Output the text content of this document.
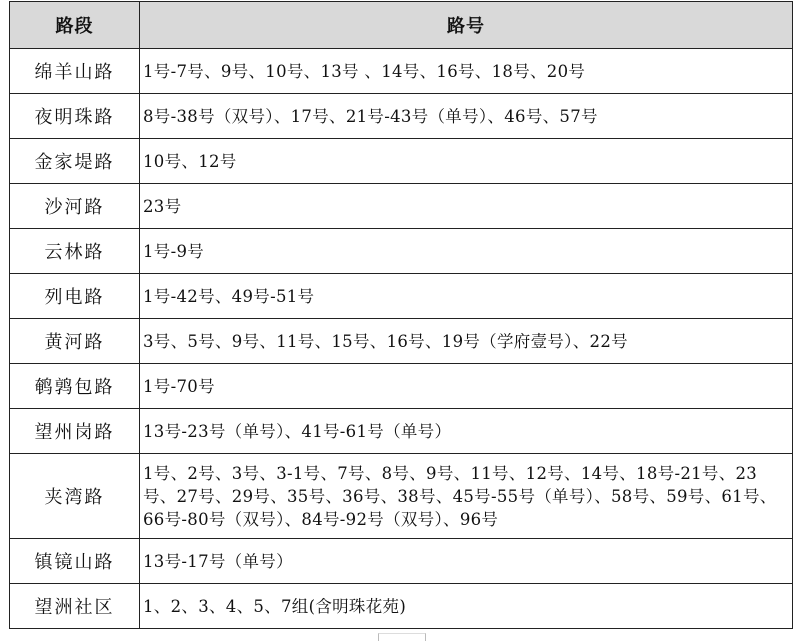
路段	路号
绵羊山路	1号-7号、9号、10号、13号 、14号、16号、18号、20号
夜明珠路	8号-38号（双号）、17号、21号-43号（单号）、46号、57号
金家堤路	10号、12号
沙河路	23号
云林路	1号-9号
列电路	1号-42号、49号-51号
黄河路	3号、5号、9号、11号、15号、16号、19号（学府壹号）、22号
鹌鹑包路	1号-70号
望州岗路	13号-23号（单号）、41号-61号（单号）
夹湾路	1号、2号、3号、3-1号、7号、8号、9号、11号、12号、14号、18号-21号、23号、27号、29号、35号、36号、38号、45号-55号（单号）、58号、59号、61号、66号-80号（双号）、84号-92号（双号）、96号
镇镜山路	13号-17号（单号）
望洲社区	1、2、3、4、5、7组(含明珠花苑)
